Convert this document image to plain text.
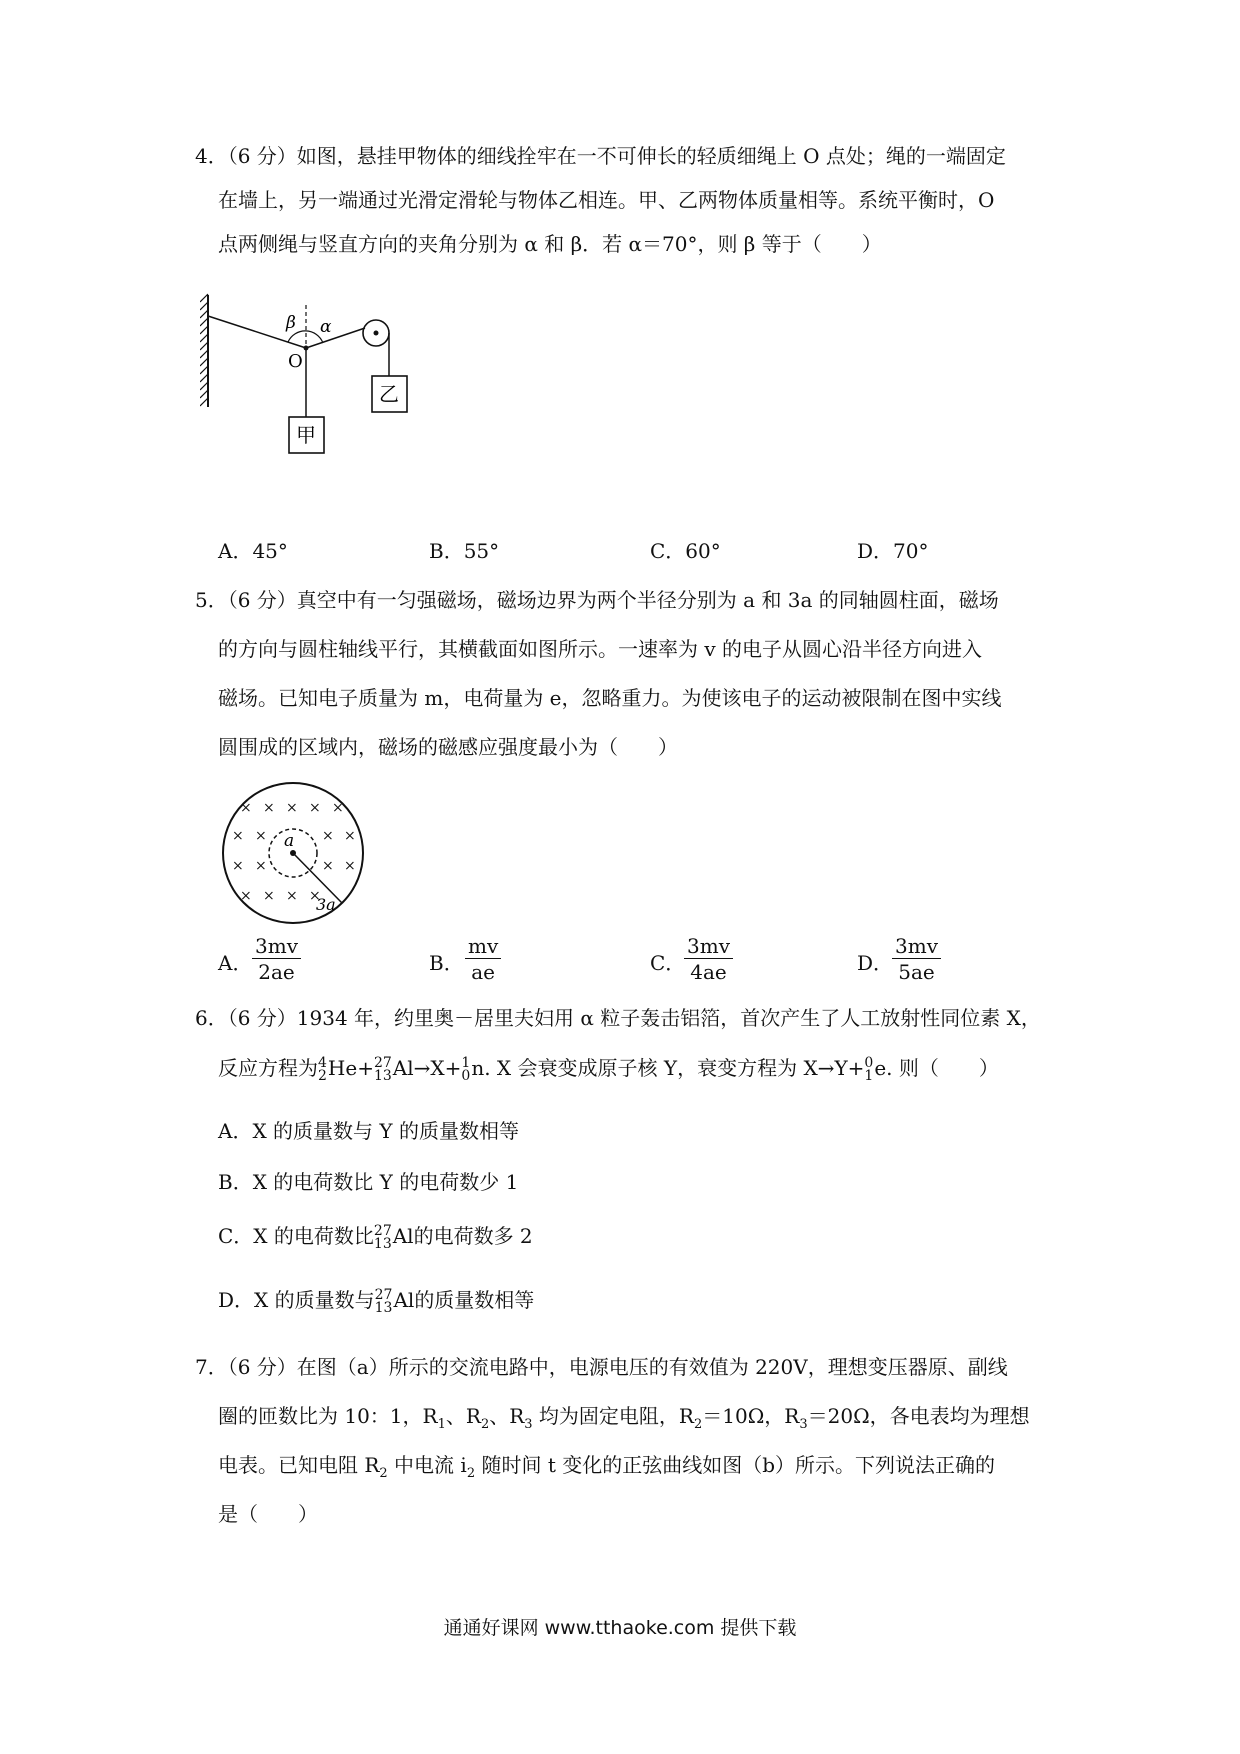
4．（6 分）如图，悬挂甲物体的细线拴牢在一不可伸长的轻质细绳上 O 点处；绳的一端固定
在墙上，另一端通过光滑定滑轮与物体乙相连。甲、乙两物体质量相等。系统平衡时，O
点两侧绳与竖直方向的夹角分别为 α 和 β．若 α＝70°，则 β 等于（　　）
β α
O
乙
甲
A．45°	B．55°	C．60°	D．70°
5．（6 分）真空中有一匀强磁场，磁场边界为两个半径分别为 a 和 3a 的同轴圆柱面，磁场
的方向与圆柱轴线平行，其横截面如图所示。一速率为 v 的电子从圆心沿半径方向进入
磁场。已知电子质量为 m，电荷量为 e，忽略重力。为使该电子的运动被限制在图中实线
圆围成的区域内，磁场的磁感应强度最小为（　　）
× × × × ×
× ×	× ×
× ×	× ×
× × × ×
a
3a
A． $\frac{3mv}{2ae}$	B． $\frac{mv}{ae}$	C．
$\frac{3mv}{4ae}$	D．
$\frac{3mv}{5ae}$
6．（6 分）1934 年，约里奥－居里夫妇用 α 粒子轰击铝箔，首次产生了人工放射性同位素 X，
反应方程为 4
2 He+ 27
13 Al→X+ 1
0 n. X 会衰变成原子核 Y，衰变方程为 X→Y+ 0
1 e. 则（　　）
A．X 的质量数与 Y 的质量数相等
B．X 的电荷数比 Y 的电荷数少 1
C．X 的电荷数比 27
13 Al的电荷数多 2
D．X 的质量数与 27
13 Al的质量数相等
7．（6 分）在图（a）所示的交流电路中，电源电压的有效值为 220V，理想变压器原、副线
圈的匝数比为 10：1，$R_1$、$R_2$、$R_3$ 均为固定电阻，$R_2=10\Omega$，$R_3=20\Omega$，各电表均为理想
电表。已知电阻 $R_2$ 中电流 $i_2$ 随时间 t 变化的正弦曲线如图（b）所示。下列说法正确的
是（　　）
通通好课网 www.tthaoke.com 提供下载
